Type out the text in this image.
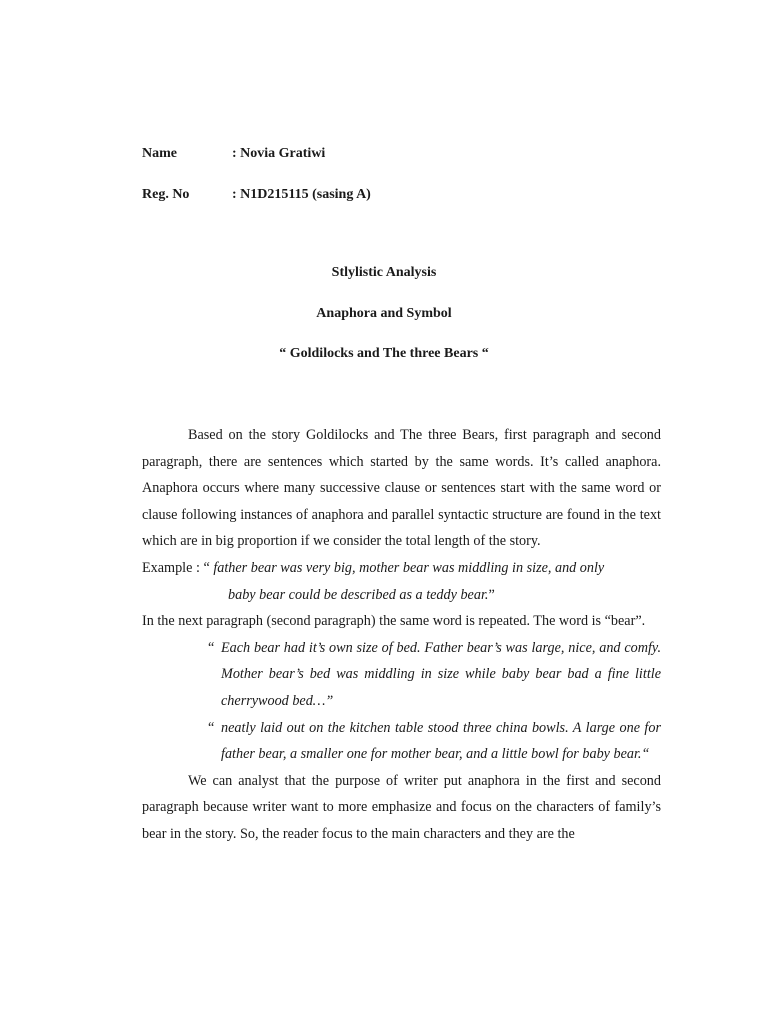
Name	: Novia Gratiwi
Reg. No	: N1D215115 (sasing A)
Stlylistic Analysis
Anaphora and Symbol
“ Goldilocks and The three Bears “

Based on the story Goldilocks and The three Bears, first paragraph and second paragraph, there are sentences which started by the same words. It’s called anaphora. Anaphora occurs where many successive clause or sentences start with the same word or clause following instances of anaphora and parallel syntactic structure are found in the text which are in big proportion if we consider the total length of the story.

Example : “ father bear was very big, mother bear was middling in size, and only
baby bear could be described as a teddy bear.”

In the next paragraph (second paragraph) the same word is repeated. The word is “bear”.

“ Each bear had it’s own size of bed. Father bear’s was large, nice, and comfy. Mother bear’s bed was middling in size while baby bear bad a fine little cherrywood bed…”
“ neatly laid out on the kitchen table stood three china bowls. A large one for father bear, a smaller one for mother bear, and a little bowl for baby bear.“

We can analyst that the purpose of writer put anaphora in the first and second paragraph because writer want to more emphasize and focus on the characters of family’s bear in the story. So, the reader focus to the main characters and they are the
